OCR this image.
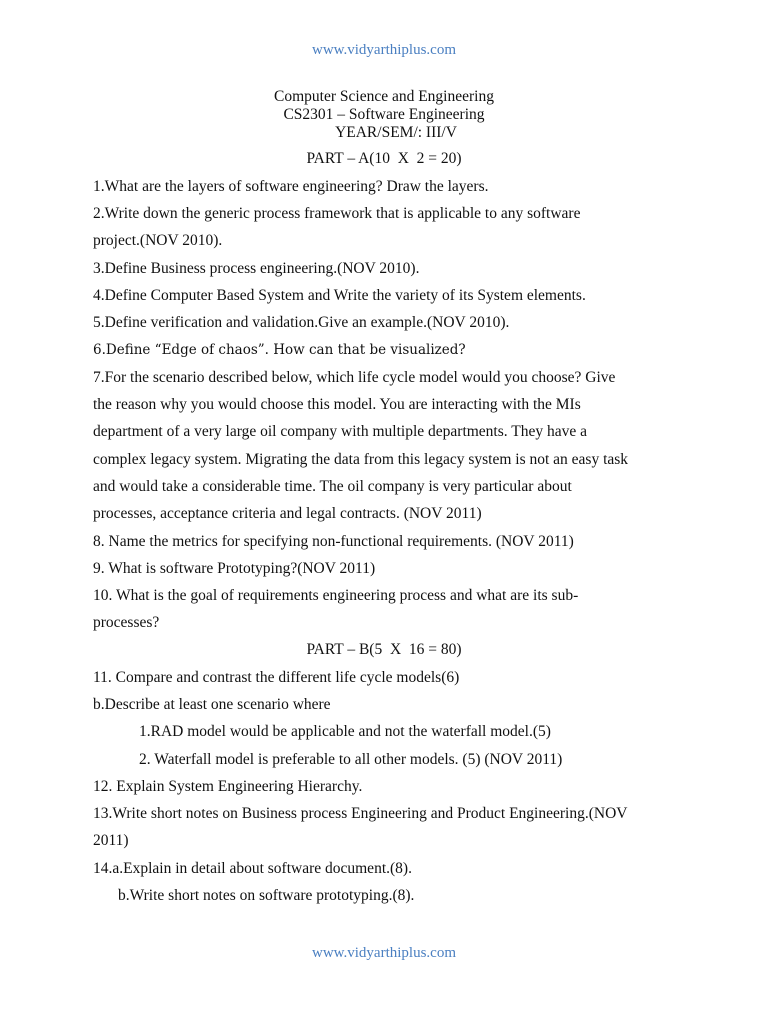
www.vidyarthiplus.com
Computer Science and Engineering
CS2301 – Software Engineering
YEAR/SEM/: III/V
PART – A(10  X  2 = 20)
1.What are the layers of software engineering? Draw the layers.
2.Write down the generic process framework that is applicable to any software
project.(NOV 2010).
3.Define Business process engineering.(NOV 2010).
4.Define Computer Based System and Write the variety of its System elements.
5.Define verification and validation.Give an example.(NOV 2010).
6.Define “Edge of chaos”. How can that be visualized?
7.For the scenario described below, which life cycle model would you choose? Give
the reason why you would choose this model. You are interacting with the MIs
department of a very large oil company with multiple departments. They have a
complex legacy system. Migrating the data from this legacy system is not an easy task
and would take a considerable time. The oil company is very particular about
processes, acceptance criteria and legal contracts. (NOV 2011)
8. Name the metrics for specifying non-functional requirements. (NOV 2011)
9. What is software Prototyping?(NOV 2011)
10. What is the goal of requirements engineering process and what are its sub-
processes?
PART – B(5  X  16 = 80)
11. Compare and contrast the different life cycle models(6)
b.Describe at least one scenario where
1.RAD model would be applicable and not the waterfall model.(5)
2. Waterfall model is preferable to all other models. (5) (NOV 2011)
12. Explain System Engineering Hierarchy.
13.Write short notes on Business process Engineering and Product Engineering.(NOV
2011)
14.a.Explain in detail about software document.(8).
b.Write short notes on software prototyping.(8).
www.vidyarthiplus.com
